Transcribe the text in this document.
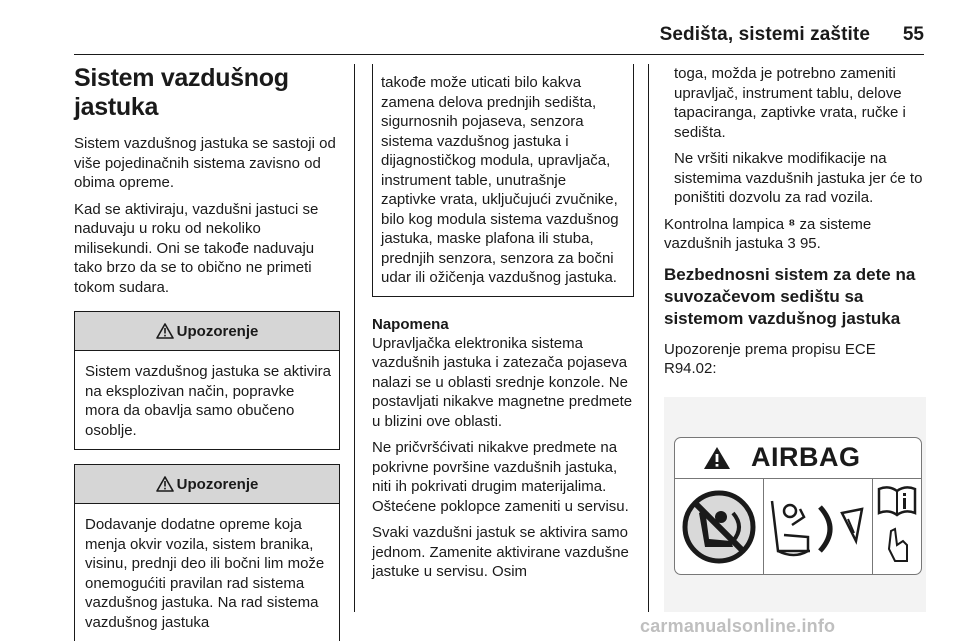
Sedišta, sistemi zaštite	55
Sistem vazdušnog jastuka

Sistem vazdušnog jastuka se sastoji od više pojedinačnih sistema zavisno od obima opreme.

Kad se aktiviraju, vazdušni jastuci se naduvaju u roku od nekoliko milisekundi. Oni se takođe naduvaju tako brzo da se to obično ne primeti tokom sudara.

Upozorenje
Sistem vazdušnog jastuka se aktivira na eksplozivan način, popravke mora da obavlja samo obučeno osoblje.
Upozorenje
Dodavanje dodatne opreme koja menja okvir vozila, sistem branika, visinu, prednji deo ili bočni lim može onemogućiti pravilan rad sistema vazdušnog jastuka. Na rad sistema vazdušnog jastuka
takođe može uticati bilo kakva zamena delova prednjih sedišta, sigurnosnih pojaseva, senzora sistema vazdušnog jastuka i dijagnostičkog modula, upravljača, instrument table, unutrašnje zaptivke vrata, uključujući zvučnike, bilo kog modula sistema vazdušnog jastuka, maske plafona ili stuba, prednjih senzora, senzora za bočni udar ili ožičenja vazdušnog jastuka.
Napomena

Upravljačka elektronika sistema vazdušnih jastuka i zatezača pojaseva nalazi se u oblasti srednje konzole. Ne postavljati nikakve magnetne predmete u blizini ove oblasti.

Ne pričvršćivati nikakve predmete na pokrivne površine vazdušnih jastuka, niti ih pokrivati drugim materijalima. Oštećene poklopce zameniti u servisu.

Svaki vazdušni jastuk se aktivira samo jednom. Zamenite aktivirane vazdušne jastuke u servisu. Osim

toga, možda je potrebno zameniti upravljač, instrument tablu, delove tapaciranga, zaptivke vrata, ručke i sedišta.

Ne vršiti nikakve modifikacije na sistemima vazdušnih jastuka jer će to poništiti dozvolu za rad vozila.

Kontrolna lampica ⁸ za sisteme vazdušnih jastuka 3 95.

Bezbednosni sistem za dete na suvozačevom sedištu sa sistemom vazdušnog jastuka

Upozorenje prema propisu ECE R94.02:

AIRBAG
carmanualsonline.info
